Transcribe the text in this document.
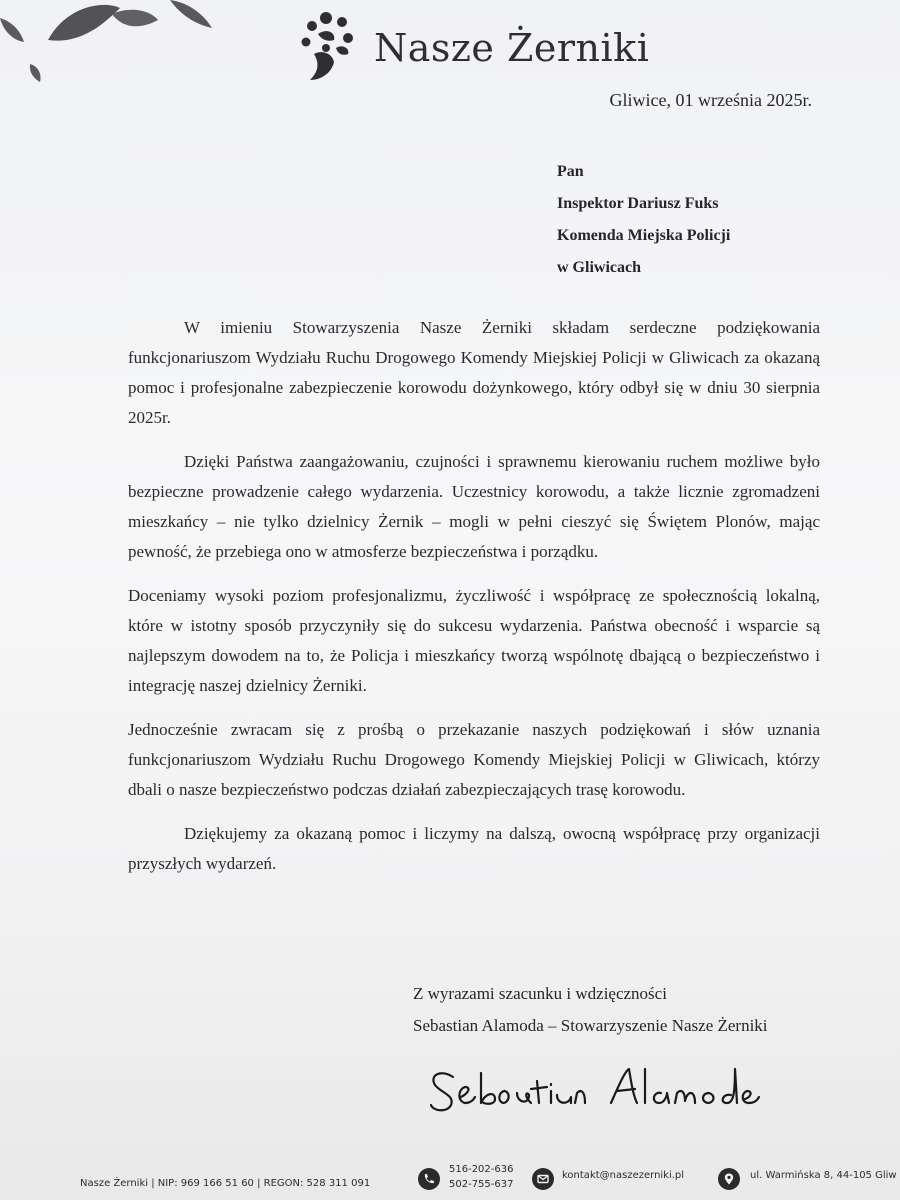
Nasze Żerniki
Gliwice, 01 września 2025r.
Pan
Inspektor Dariusz Fuks
Komenda Miejska Policji
w Gliwicach

W imieniu Stowarzyszenia Nasze Żerniki składam serdeczne podziękowania funkcjonariuszom Wydziału Ruchu Drogowego Komendy Miejskiej Policji w Gliwicach za okazaną pomoc i profesjonalne zabezpieczenie korowodu dożynkowego, który odbył się w dniu 30 sierpnia 2025r.

Dzięki Państwa zaangażowaniu, czujności i sprawnemu kierowaniu ruchem możliwe było bezpieczne prowadzenie całego wydarzenia. Uczestnicy korowodu, a także licznie zgromadzeni mieszkańcy – nie tylko dzielnicy Żernik – mogli w pełni cieszyć się Świętem Plonów, mając pewność, że przebiega ono w atmosferze bezpieczeństwa i porządku.

Doceniamy wysoki poziom profesjonalizmu, życzliwość i współpracę ze społecznością lokalną, które w istotny sposób przyczyniły się do sukcesu wydarzenia. Państwa obecność i wsparcie są najlepszym dowodem na to, że Policja i mieszkańcy tworzą wspólnotę dbającą o bezpieczeństwo i integrację naszej dzielnicy Żerniki.

Jednocześnie zwracam się z prośbą o przekazanie naszych podziękowań i słów uznania funkcjonariuszom Wydziału Ruchu Drogowego Komendy Miejskiej Policji w Gliwicach, którzy dbali o nasze bezpieczeństwo podczas działań zabezpieczających trasę korowodu.

Dziękujemy za okazaną pomoc i liczymy na dalszą, owocną współpracę przy organizacji przyszłych wydarzeń.

Z wyrazami szacunku i wdzięczności
Sebastian Alamoda – Stowarzyszenie Nasze Żerniki
Nasze Żerniki | NIP: 969 166 51 60 | REGON: 528 311 091
516-202-636
502-755-637
kontakt@naszezerniki.pl	ul. Warmińska 8, 44-105 Gliw
